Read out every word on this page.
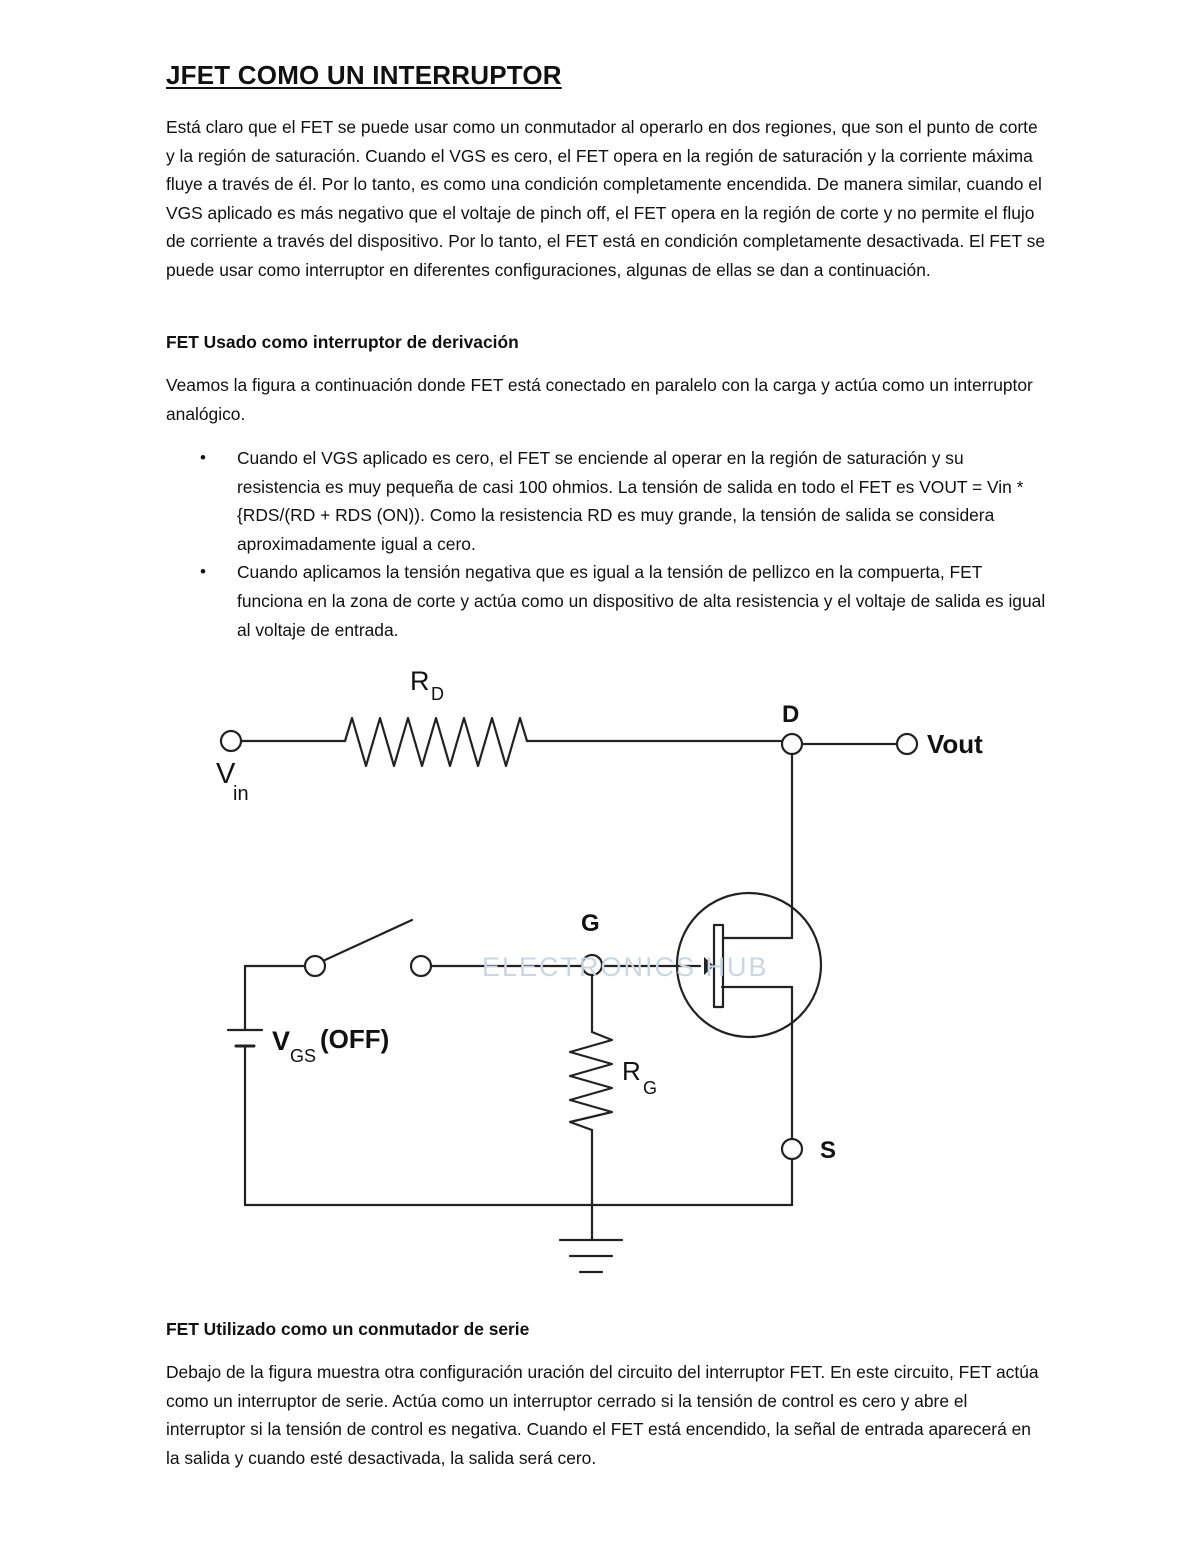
JFET COMO UN INTERRUPTOR

Está claro que el FET se puede usar como un conmutador al operarlo en dos regiones, que son el punto de corte y la región de saturación. Cuando el VGS es cero, el FET opera en la región de saturación y la corriente máxima fluye a través de él. Por lo tanto, es como una condición completamente encendida. De manera similar, cuando el VGS aplicado es más negativo que el voltaje de pinch off, el FET opera en la región de corte y no permite el flujo de corriente a través del dispositivo. Por lo tanto, el FET está en condición completamente desactivada. El FET se puede usar como interruptor en diferentes configuraciones, algunas de ellas se dan a continuación.

FET Usado como interruptor de derivación

Veamos la figura a continuación donde FET está conectado en paralelo con la carga y actúa como un interruptor analógico.

• Cuando el VGS aplicado es cero, el FET se enciende al operar en la región de saturación y su resistencia es muy pequeña de casi 100 ohmios. La tensión de salida en todo el FET es VOUT = Vin * {RDS/(RD + RDS (ON)). Como la resistencia RD es muy grande, la tensión de salida se considera aproximadamente igual a cero.
• Cuando aplicamos la tensión negativa que es igual a la tensión de pellizco en la compuerta, FET funciona en la zona de corte y actúa como un dispositivo de alta resistencia y el voltaje de salida es igual al voltaje de entrada.
ELECTRONICS HUB
R D
V
in
D
Vout
G
S
V GS
(OFF)
R
G
FET Utilizado como un conmutador de serie

Debajo de la figura muestra otra configuración uración del circuito del interruptor FET. En este circuito, FET actúa como un interruptor de serie. Actúa como un interruptor cerrado si la tensión de control es cero y abre el interruptor si la tensión de control es negativa. Cuando el FET está encendido, la señal de entrada aparecerá en la salida y cuando esté desactivada, la salida será cero.
